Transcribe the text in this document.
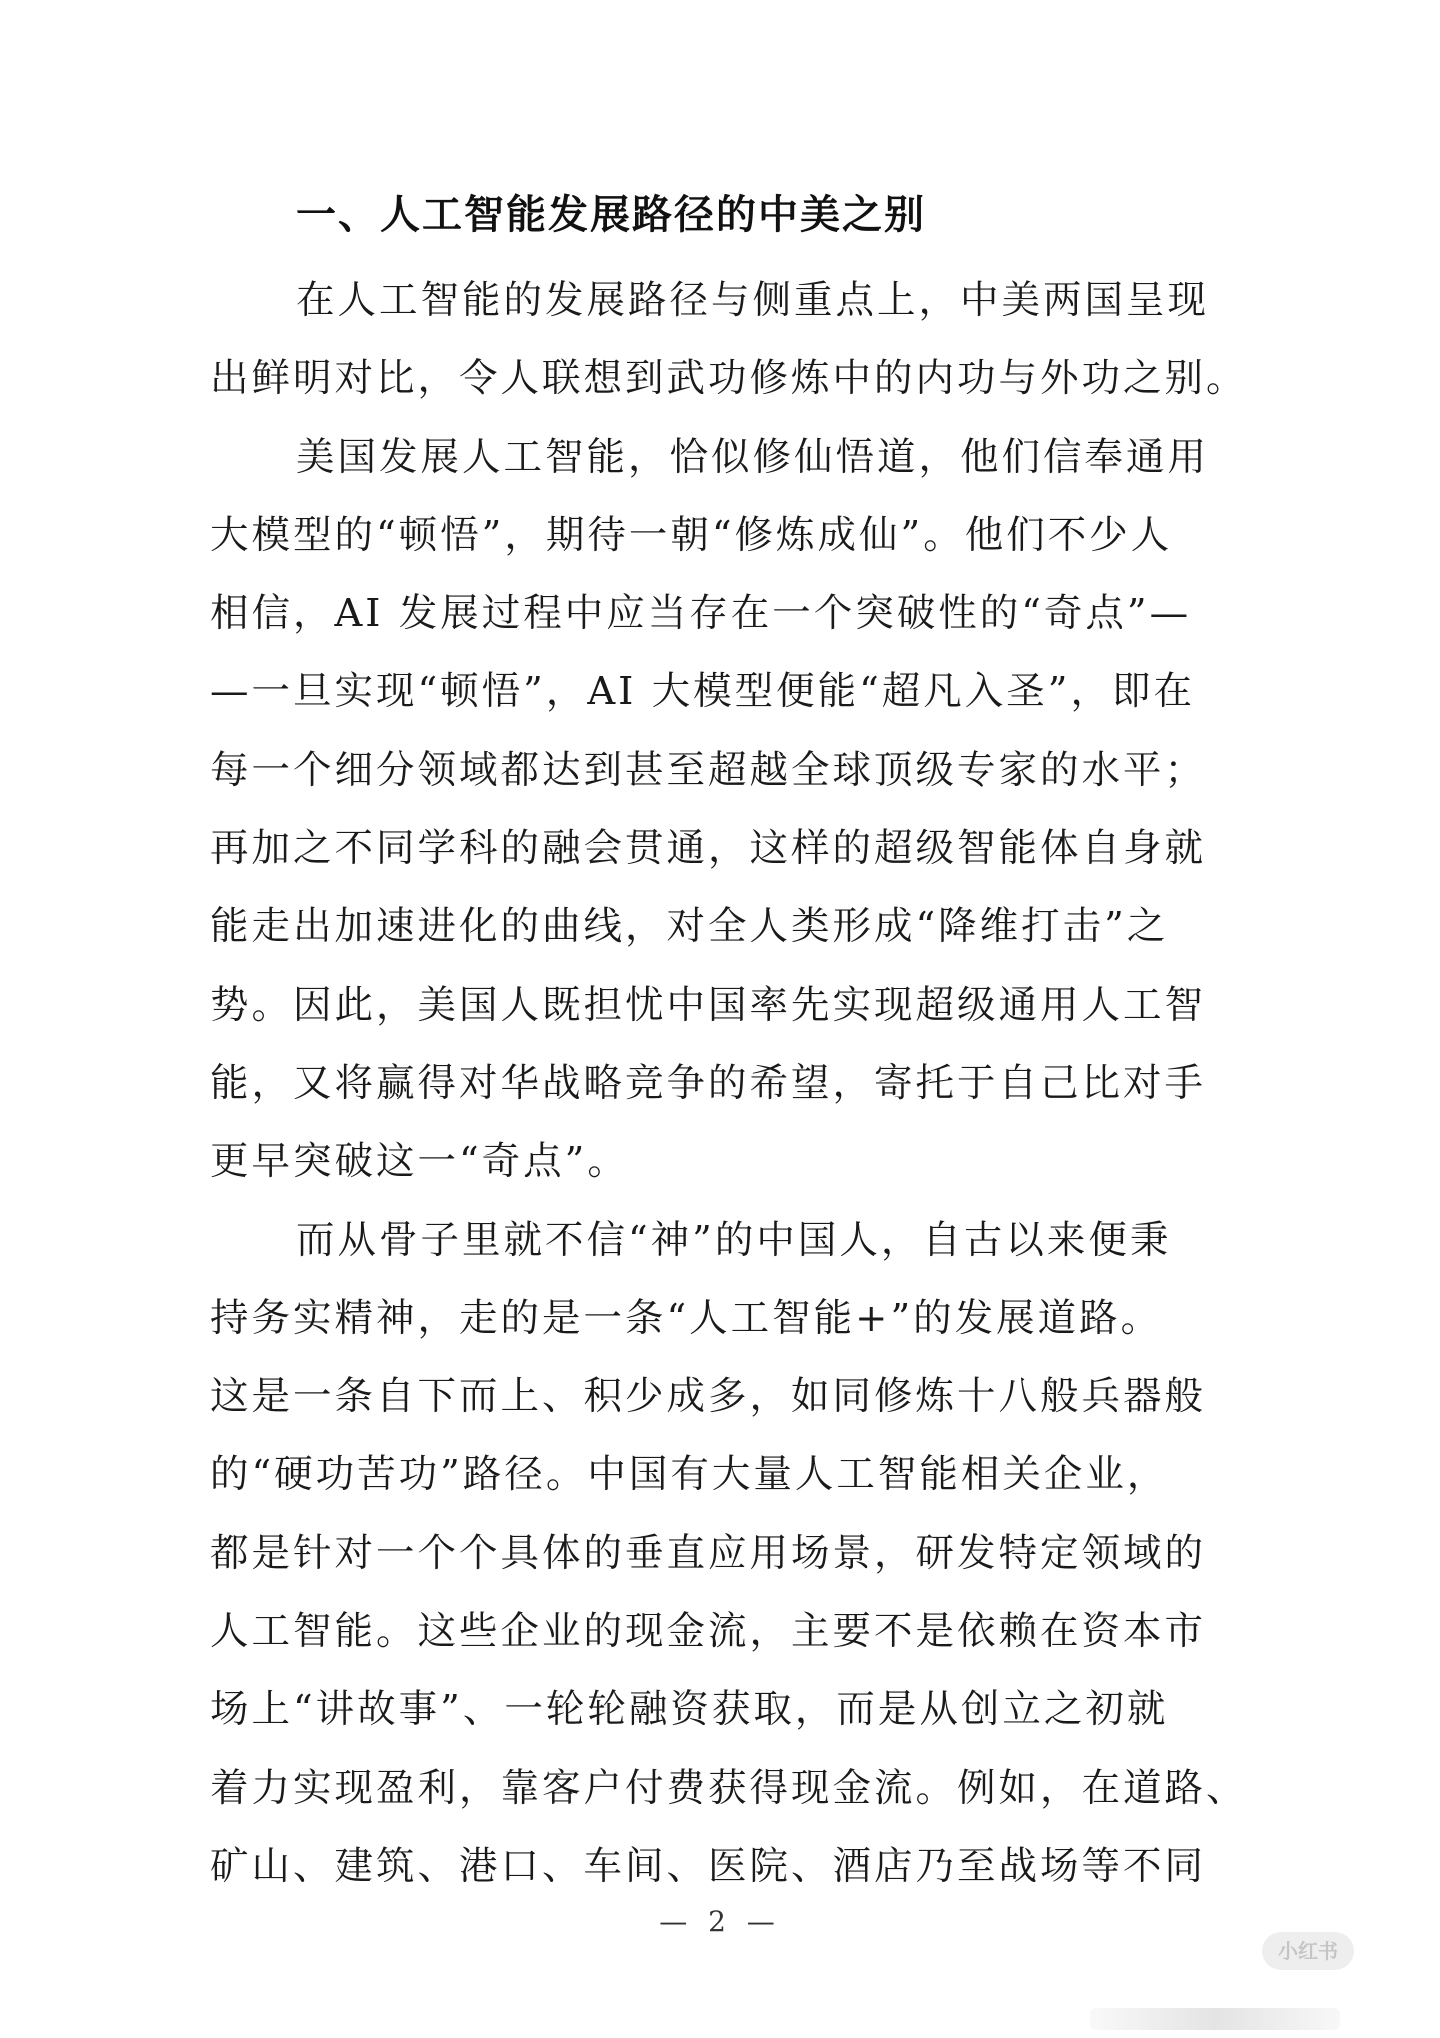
一、人工智能发展路径的中美之别
在人工智能的发展路径与侧重点上，中美两国呈现
出鲜明对比，令人联想到武功修炼中的内功与外功之别。
美国发展人工智能，恰似修仙悟道，他们信奉通用
大模型的“顿悟”，期待一朝“修炼成仙”。他们不少人
相信，AI 发展过程中应当存在一个突破性的“奇点”—
—一旦实现“顿悟”，AI 大模型便能“超凡入圣”，即在
每一个细分领域都达到甚至超越全球顶级专家的水平；
再加之不同学科的融会贯通，这样的超级智能体自身就
能走出加速进化的曲线，对全人类形成“降维打击”之
势。因此，美国人既担忧中国率先实现超级通用人工智
能，又将赢得对华战略竞争的希望，寄托于自己比对手
更早突破这一“奇点”。
而从骨子里就不信“神”的中国人，自古以来便秉
持务实精神，走的是一条“人工智能+”的发展道路。
这是一条自下而上、积少成多，如同修炼十八般兵器般
的“硬功苦功”路径。中国有大量人工智能相关企业，
都是针对一个个具体的垂直应用场景，研发特定领域的
人工智能。这些企业的现金流，主要不是依赖在资本市
场上“讲故事”、一轮轮融资获取，而是从创立之初就
着力实现盈利，靠客户付费获得现金流。例如，在道路、
矿山、建筑、港口、车间、医院、酒店乃至战场等不同
— 2 —
小红书
